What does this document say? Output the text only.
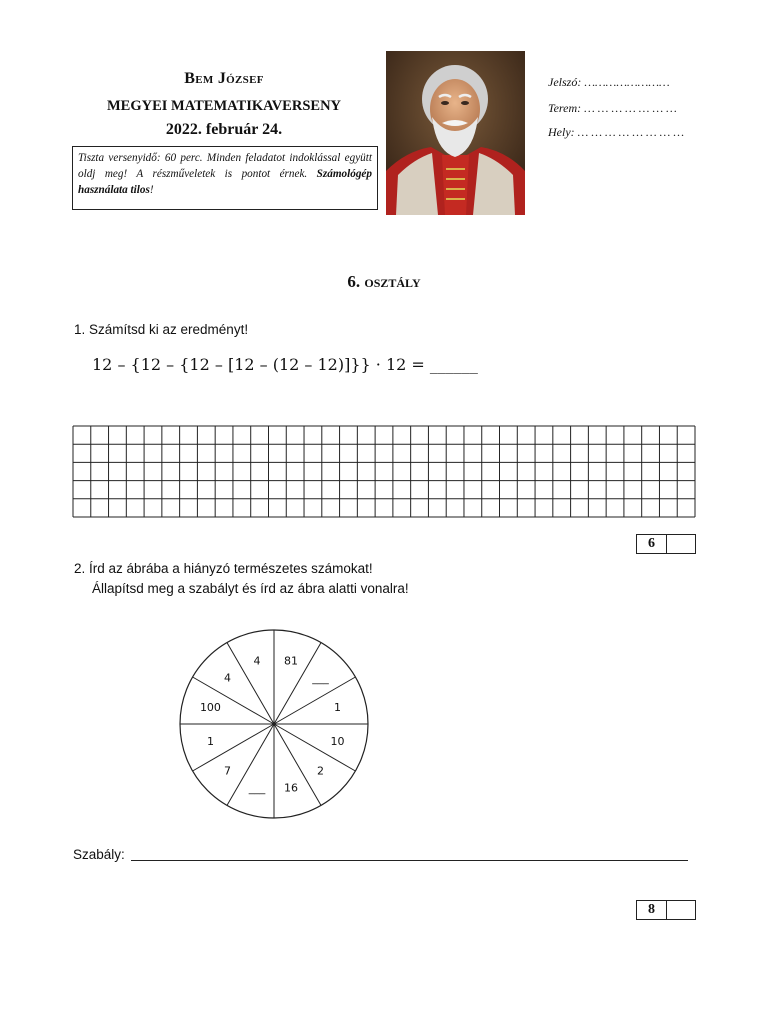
Bem József
MEGYEI MATEMATIKAVERSENY
2022. február 24.
Tiszta versenyidő: 60 perc. Minden feladatot indoklással együtt oldj meg! A részműveletek is pontot érnek. Számológép használata tilos!
Jelszó: ……………………
Terem: … … … … … … …
Hely: … … … … … … … …
6. osztály
1. Számítsd ki az eredményt!
12 – {12 – {12 – [12 – (12 – 12)]}} · 12 = ______
6
2. Írd az ábrába a hiányzó természetes számokat!
Állapítsd meg a szabályt és írd az ábra alatti vonalra!
81
___
1
10
2
16
___
7
1
100
4
4
Szabály:
8
